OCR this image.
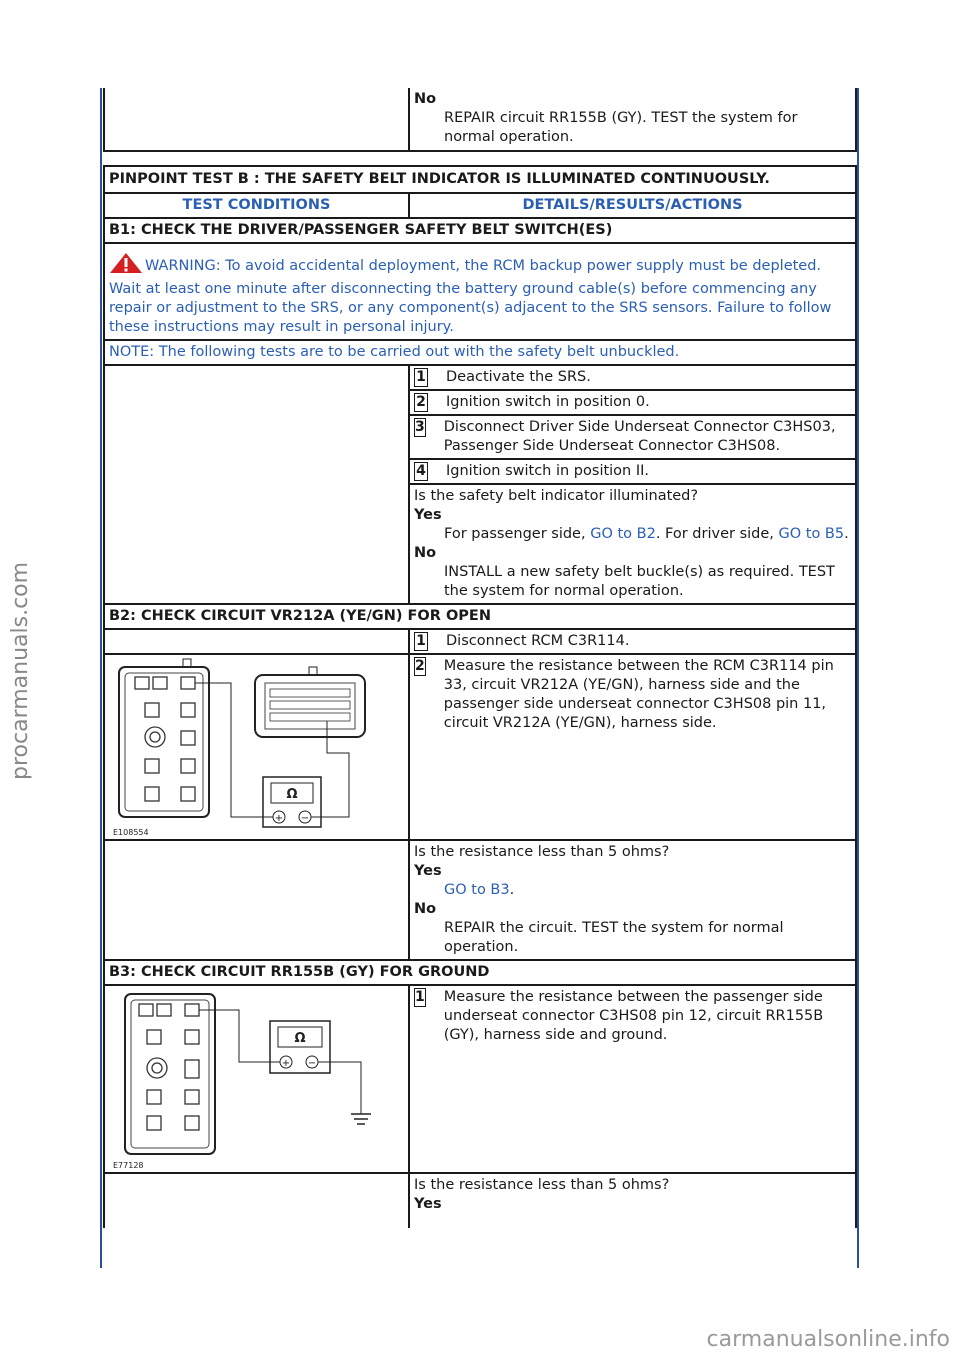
No
REPAIR circuit RR155B (GY). TEST the system for normal operation.
PINPOINT TEST B : THE SAFETY BELT INDICATOR IS ILLUMINATED CONTINUOUSLY.	
TEST CONDITIONS	DETAILS/RESULTS/ACTIONS
B1: CHECK THE DRIVER/PASSENGER SAFETY BELT SWITCH(ES)	
WARNING: To avoid accidental deployment, the RCM backup power supply must be depleted. Wait at least one minute after disconnecting the battery ground cable(s) before commencing any repair or adjustment to the SRS, or any component(s) adjacent to the SRS sensors. Failure to follow these instructions may result in personal injury.	
NOTE: The following tests are to be carried out with the safety belt unbuckled.	

	1 Deactivate the SRS.

	2 Ignition switch in position 0.

	3 Disconnect Driver Side Underseat Connector C3HS03, Passenger Side Underseat Connector C3HS08.

	4 Ignition switch in position II.

	Is the safety belt indicator illuminated?
Yes
For passenger side, GO to B2. For driver side, GO to B5.
No
INSTALL a new safety belt buckle(s) as required. TEST the system for normal operation.

B2: CHECK CIRCUIT VR212A (YE/GN) FOR OPEN	

	1 Disconnect RCM C3R114.

Ω
+ −
E108554	2 Measure the resistance between the RCM C3R114 pin 33, circuit VR212A (YE/GN), harness side and the passenger side underseat connector C3HS08 pin 11, circuit VR212A (YE/GN), harness side.

	Is the resistance less than 5 ohms?
Yes
GO to B3.
No
REPAIR the circuit. TEST the system for normal operation.

B3: CHECK CIRCUIT RR155B (GY) FOR GROUND	

Ω
+ −
E77128	1 Measure the resistance between the passenger side underseat connector C3HS08 pin 12, circuit RR155B (GY), harness side and ground.

	Is the resistance less than 5 ohms?
Yes
procarmanuals.com
carmanualsonline.info
